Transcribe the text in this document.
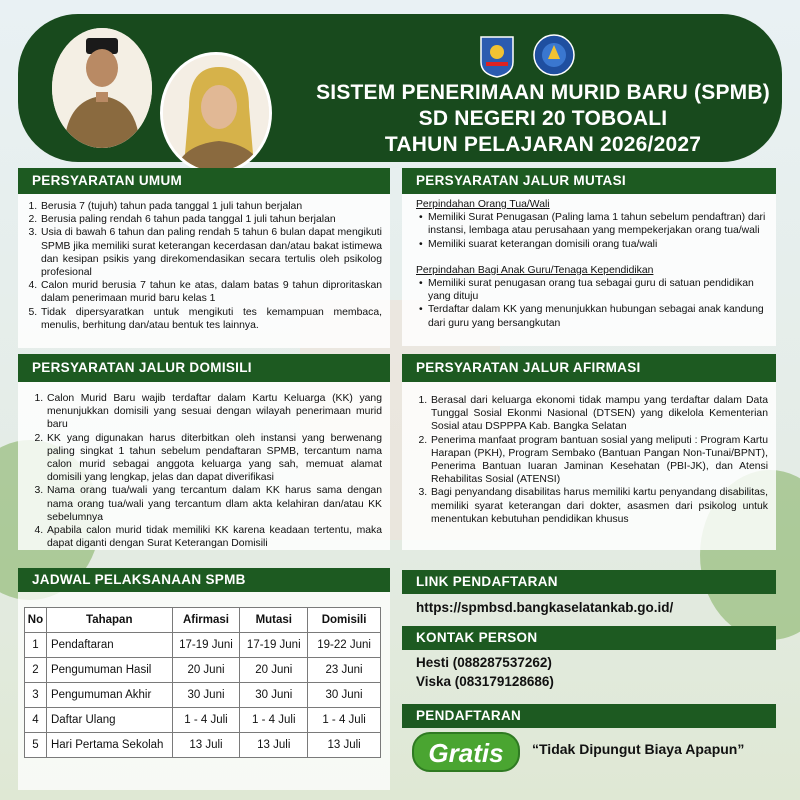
SISTEM PENERIMAAN MURID BARU (SPMB)
SD NEGERI 20 TOBOALI
TAHUN PELAJARAN 2026/2027
PERSYARATAN UMUM
1. Berusia 7 (tujuh) tahun pada tanggal 1 juli tahun berjalan
2. Berusia paling rendah 6 tahun pada tanggal 1 juli tahun berjalan
3. Usia di bawah 6 tahun dan paling rendah 5 tahun 6 bulan dapat mengikuti SPMB jika memiliki surat keterangan kecerdasan dan/atau bakat istimewa dan kesipan psikis yang direkomendasikan secara tertulis oleh psikolog profesional
4. Calon murid berusia 7 tahun ke atas, dalam batas 9 tahun diproritaskan dalam penerimaan murid baru kelas 1
5. Tidak dipersyaratkan untuk mengikuti tes kemampuan membaca, menulis, berhitung dan/atau bentuk tes lainnya.
PERSYARATAN JALUR MUTASI
Perpindahan Orang Tua/Wali
• Memiliki Surat Penugasan (Paling lama 1 tahun sebelum pendaftran) dari instansi, lembaga atau perusahaan yang mempekerjakan orang tua/wali
• Memiliki suarat keterangan domisili orang tua/wali
Perpindahan Bagi Anak Guru/Tenaga Kependidikan
• Memiliki surat penugasan orang tua sebagai guru di satuan pendidikan yang dituju
• Terdaftar dalam KK yang menunjukkan hubungan sebagai anak kandung dari guru yang bersangkutan
PERSYARATAN JALUR DOMISILI
1. Calon Murid Baru wajib terdaftar dalam Kartu Keluarga (KK) yang menunjukkan domisili yang sesuai dengan wilayah penerimaan murid baru
2. KK yang digunakan harus diterbitkan oleh instansi yang berwenang paling singkat 1 tahun sebelum pendaftaran SPMB, tercantum nama calon murid sebagai anggota keluarga yang sah, memuat alamat domisili yang lengkap, jelas dan dapat diverifikasi
3. Nama orang tua/wali yang tercantum dalam KK harus sama dengan nama orang tua/wali yang tercantum dlam akta kelahiran dan/atau KK sebelumnya
4. Apabila calon murid tidak memiliki KK karena keadaan tertentu, maka dapat diganti dengan Surat Keterangan Domisili
PERSYARATAN JALUR AFIRMASI
1. Berasal dari keluarga ekonomi tidak mampu yang terdaftar dalam Data Tunggal Sosial Ekonmi Nasional (DTSEN) yang dikelola Kementerian Sosial atau DSPPPA Kab. Bangka Selatan
2. Penerima manfaat program bantuan sosial yang meliputi : Program Kartu Harapan (PKH), Program Sembako (Bantuan Pangan Non-Tunai/BPNT), Penerima Bantuan Iuaran Jaminan Kesehatan (PBI-JK), dan Atensi Rehabilitas Sosial (ATENSI)
3. Bagi penyandang disabilitas harus memiliki kartu penyandang disabilitas, memiliki syarat keterangan dari dokter, asasmen dari psikolog untuk menentukan kebutuhan pendidikan khusus
JADWAL PELAKSANAAN SPMB
No	Tahapan	Afirmasi	Mutasi	Domisili
1	Pendaftaran	17-19 Juni	17-19 Juni	19-22 Juni
2	Pengumuman Hasil	20 Juni	20 Juni	23 Juni
3	Pengumuman Akhir	30 Juni	30 Juni	30 Juni
4	Daftar Ulang	1 - 4 Juli	1 - 4 Juli	1 - 4 Juli
5	Hari Pertama Sekolah	13 Juli	13 Juli	13 Juli
LINK PENDAFTARAN
https://spmbsd.bangkaselatankab.go.id/
KONTAK PERSON
Hesti (088287537262)
Viska (083179128686)
PENDAFTARAN
Gratis	“Tidak Dipungut Biaya Apapun”
